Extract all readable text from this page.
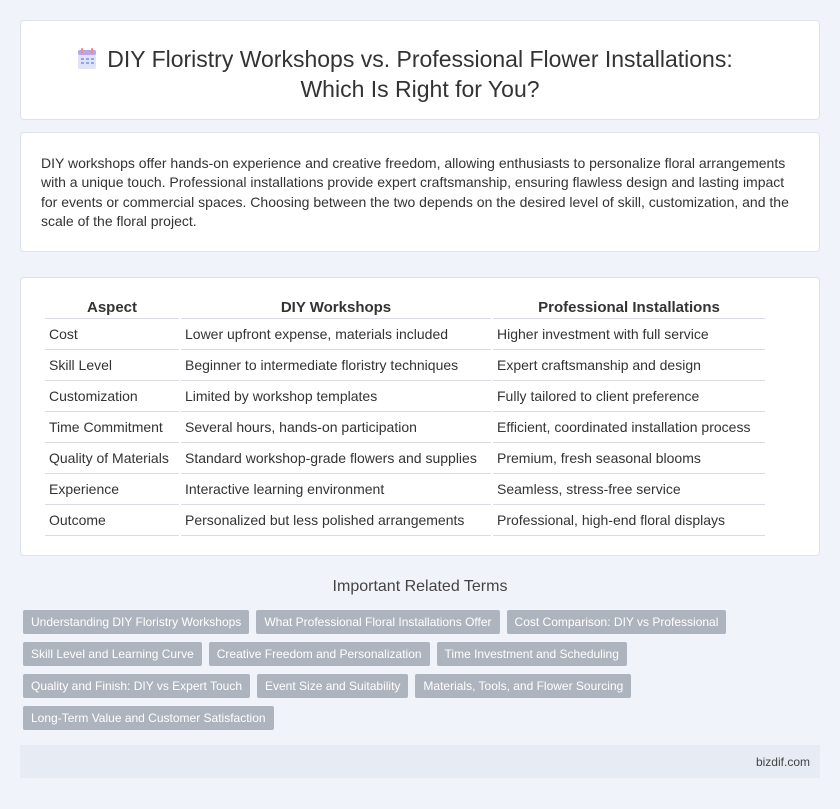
DIY Floristry Workshops vs. Professional Flower Installations:
Which Is Right for You?

DIY workshops offer hands-on experience and creative freedom, allowing enthusiasts to personalize floral arrangements with a unique touch. Professional installations provide expert craftsmanship, ensuring flawless design and lasting impact for events or commercial spaces. Choosing between the two depends on the desired level of skill, customization, and the scale of the floral project.

Aspect	DIY Workshops	Professional Installations
Cost	Lower upfront expense, materials included	Higher investment with full service
Skill Level	Beginner to intermediate floristry techniques	Expert craftsmanship and design
Customization	Limited by workshop templates	Fully tailored to client preference
Time Commitment	Several hours, hands-on participation	Efficient, coordinated installation process
Quality of Materials	Standard workshop-grade flowers and supplies	Premium, fresh seasonal blooms
Experience	Interactive learning environment	Seamless, stress-free service
Outcome	Personalized but less polished arrangements	Professional, high-end floral displays
Important Related Terms
Understanding DIY Floristry Workshops	What Professional Floral Installations Offer	Cost Comparison: DIY vs Professional
Skill Level and Learning Curve	Creative Freedom and Personalization	Time Investment and Scheduling
Quality and Finish: DIY vs Expert Touch	Event Size and Suitability	Materials, Tools, and Flower Sourcing
Long-Term Value and Customer Satisfaction
bizdif.com
